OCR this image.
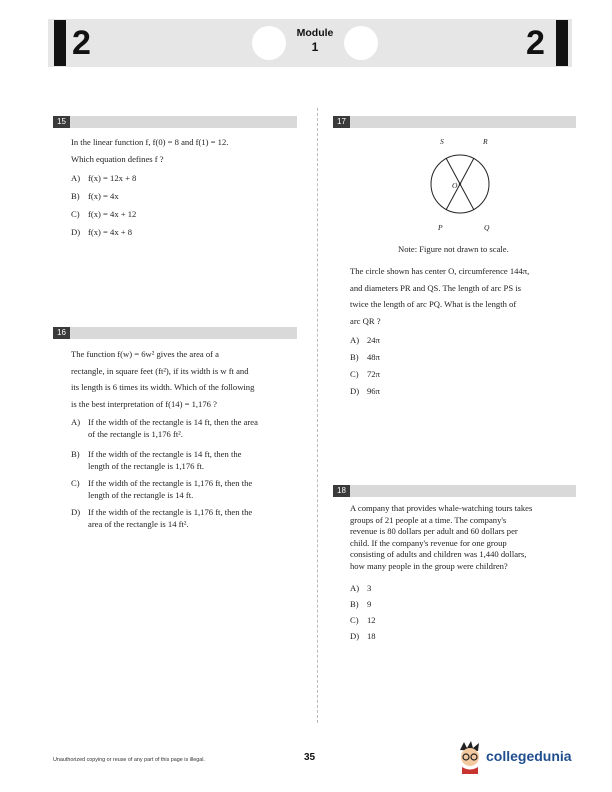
2	Module
1	2
15
In the linear function f, f(0) = 8 and f(1) = 12.
Which equation defines f ?
A) f(x) = 12x + 8
B) f(x) = 4x
C) f(x) = 4x + 12
D) f(x) = 4x + 8
16
The function f(w) = 6w² gives the area of a
rectangle, in square feet (ft²), if its width is w ft and
its length is 6 times its width. Which of the following
is the best interpretation of f(14) = 1,176 ?
A) If the width of the rectangle is 14 ft, then the area
of the rectangle is 1,176 ft².
B) If the width of the rectangle is 14 ft, then the
length of the rectangle is 1,176 ft.
C) If the width of the rectangle is 1,176 ft, then the
length of the rectangle is 14 ft.
D) If the width of the rectangle is 1,176 ft, then the
area of the rectangle is 14 ft².
17
S	R
O
P	Q
Note: Figure not drawn to scale.
The circle shown has center O, circumference 144π,
and diameters PR and QS. The length of arc PS is
twice the length of arc PQ. What is the length of
arc QR ?
A) 24π
B) 48π
C) 72π
D) 96π
18
A company that provides whale-watching tours takes
groups of 21 people at a time. The company's
revenue is 80 dollars per adult and 60 dollars per
child. If the company's revenue for one group
consisting of adults and children was 1,440 dollars,
how many people in the group were children?
A) 3
B) 9
C) 12
D) 18
Unauthorized copying or reuse of any part of this page is illegal.	35	collegedunia
